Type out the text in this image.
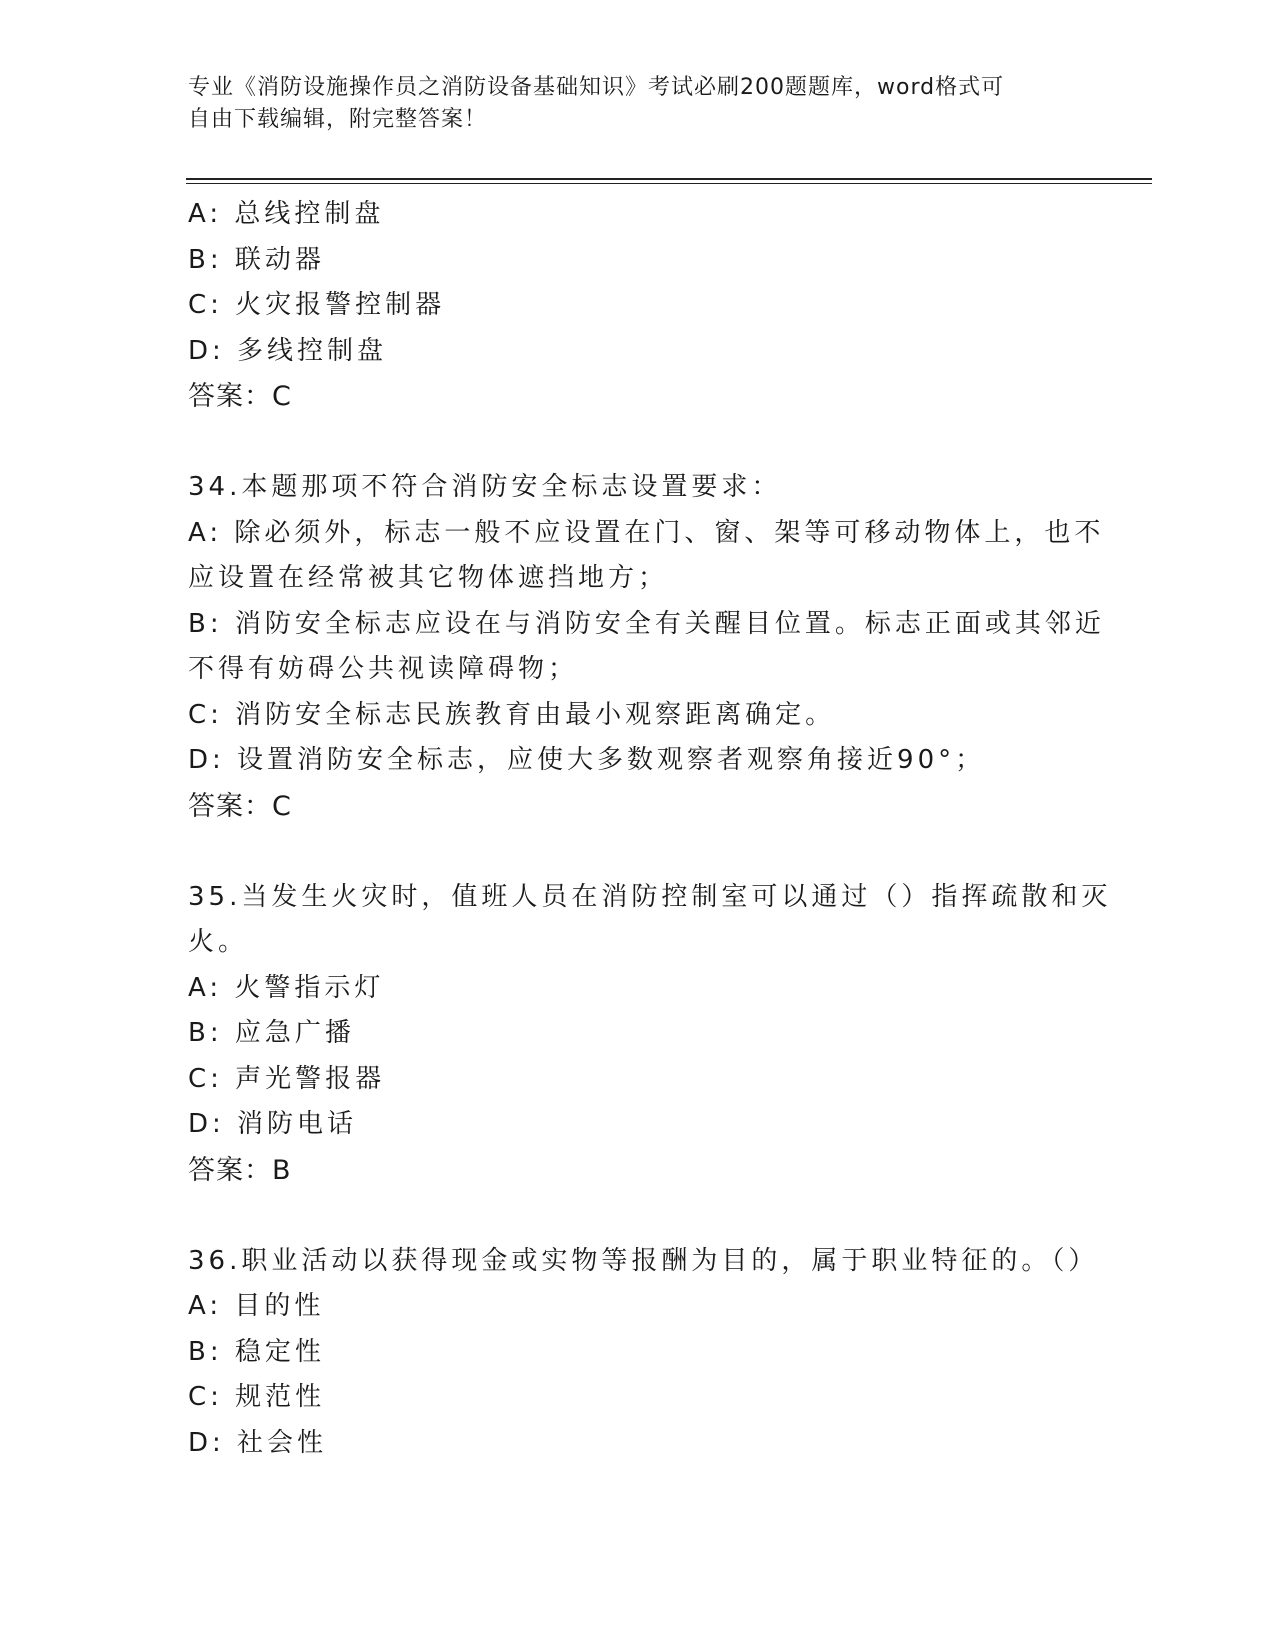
专业《消防设施操作员之消防设备基础知识》考试必刷200题题库，word格式可
自由下载编辑，附完整答案！
A: 总线控制盘
B: 联动器
C: 火灾报警控制器
D: 多线控制盘
答案：C
34.本题那项不符合消防安全标志设置要求：
A: 除必须外，标志一般不应设置在门、窗、架等可移动物体上，也不
应设置在经常被其它物体遮挡地方；
B: 消防安全标志应设在与消防安全有关醒目位置。标志正面或其邻近
不得有妨碍公共视读障碍物；
C: 消防安全标志民族教育由最小观察距离确定。
D: 设置消防安全标志，应使大多数观察者观察角接近90°；
答案：C
35.当发生火灾时，值班人员在消防控制室可以通过（）指挥疏散和灭
火。
A: 火警指示灯
B: 应急广播
C: 声光警报器
D: 消防电话
答案：B
36.职业活动以获得现金或实物等报酬为目的，属于职业特征的。（）
A: 目的性
B: 稳定性
C: 规范性
D: 社会性
